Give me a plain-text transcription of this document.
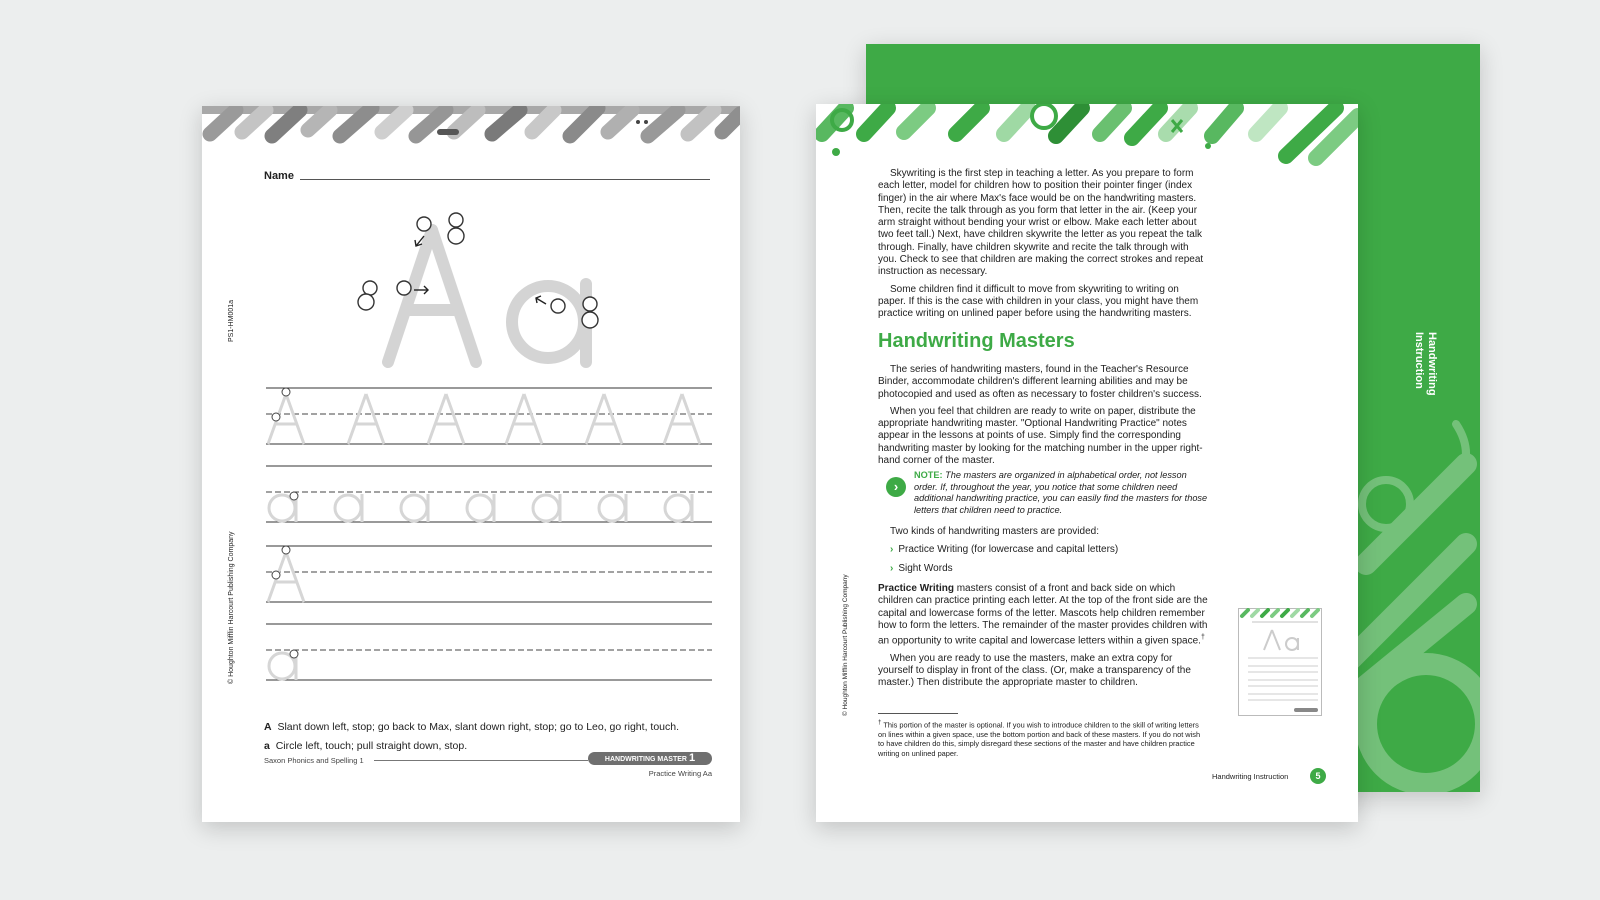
Handwriting
Instruction
Name
PS1-HM001a
© Houghton Mifflin Harcourt Publishing Company
A Slant down left, stop; go back to Max, slant down right, stop; go to Leo, go right, touch.
a Circle left, touch; pull straight down, stop.
Saxon Phonics and Spelling 1	HANDWRITING MASTER 1
Practice Writing Aa
© Houghton Mifflin Harcourt Publishing Company

Skywriting is the first step in teaching a letter. As you prepare to form each letter, model for children how to position their pointer finger (index finger) in the air where Max's face would be on the handwriting masters. Then, recite the talk through as you form that letter in the air. (Keep your arm straight without bending your wrist or elbow. Make each letter about two feet tall.) Next, have children skywrite the letter as you repeat the talk through. Finally, have children skywrite and recite the talk through with you. Check to see that children are making the correct strokes and repeat instruction as necessary.

Some children find it difficult to move from skywriting to writing on paper. If this is the case with children in your class, you might have them practice writing on unlined paper before using the handwriting masters.

Handwriting Masters

The series of handwriting masters, found in the Teacher's Resource Binder, accommodate children's different learning abilities and may be photocopied and used as often as necessary to foster children's success.

When you feel that children are ready to write on paper, distribute the appropriate handwriting master. "Optional Handwriting Practice" notes appear in the lessons at points of use. Simply find the corresponding handwriting master by looking for the matching number in the upper right-hand corner of the master.

›
NOTE: The masters are organized in alphabetical order, not lesson order. If, throughout the year, you notice that some children need additional handwriting practice, you can easily find the masters for those letters that children need to practice.
Two kinds of handwriting masters are provided:
› Practice Writing (for lowercase and capital letters)
› Sight Words

Practice Writing masters consist of a front and back side on which children can practice printing each letter. At the top of the front side are the capital and lowercase forms of the letter. Mascots help children remember how to form the letters. The remainder of the master provides children with an opportunity to write capital and lowercase letters within a given space.†

When you are ready to use the masters, make an extra copy for yourself to display in front of the class. (Or, make a transparency of the master.) Then distribute the appropriate master to children.

† This portion of the master is optional. If you wish to introduce children to the skill of writing letters on lines within a given space, use the bottom portion and back of these masters. If you do not wish to have children do this, simply disregard these sections of the master and have children practice writing on unlined paper.
Handwriting Instruction	5
